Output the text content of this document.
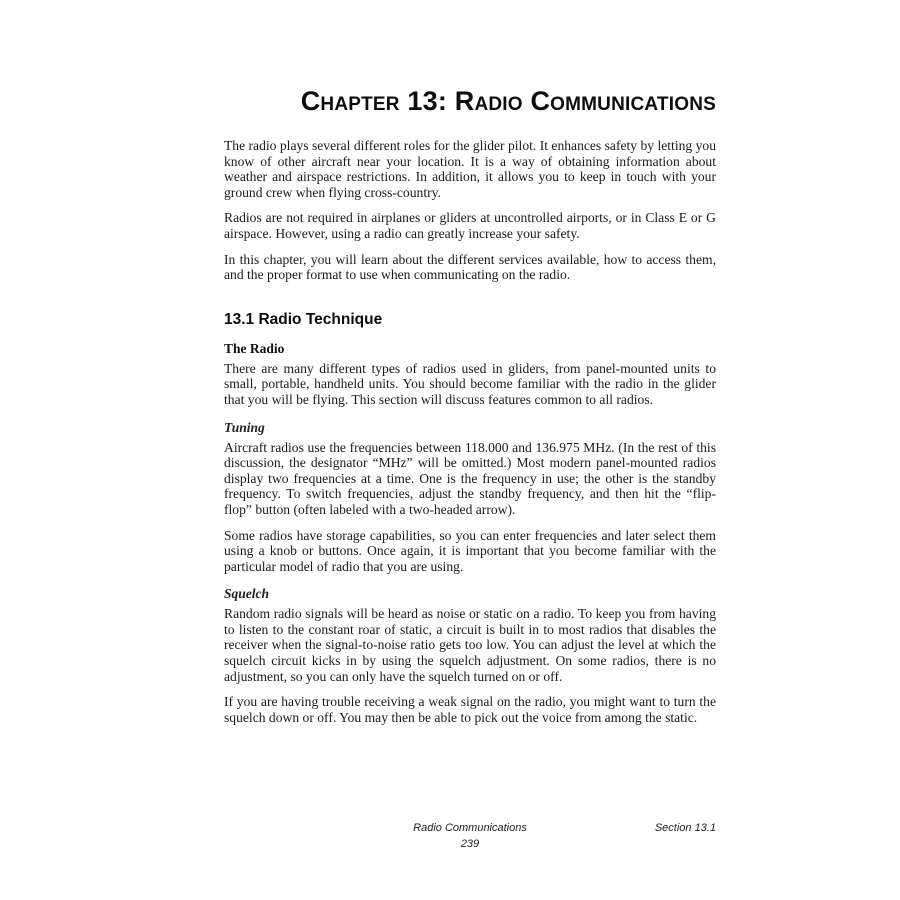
Chapter 13: Radio Communications

The radio plays several different roles for the glider pilot. It enhances safety by letting you know of other aircraft near your location. It is a way of obtaining information about weather and airspace restrictions. In addition, it allows you to keep in touch with your ground crew when flying cross-country.

Radios are not required in airplanes or gliders at uncontrolled airports, or in Class E or G airspace. However, using a radio can greatly increase your safety.

In this chapter, you will learn about the different services available, how to access them, and the proper format to use when communicating on the radio.

13.1 Radio Technique
The Radio

There are many different types of radios used in gliders, from panel-mounted units to small, portable, handheld units. You should become familiar with the radio in the glider that you will be flying. This section will discuss features common to all radios.

Tuning

Aircraft radios use the frequencies between 118.000 and 136.975 MHz. (In the rest of this discussion, the designator “MHz” will be omitted.) Most modern panel-mounted radios display two frequencies at a time. One is the frequency in use; the other is the standby frequency. To switch frequencies, adjust the standby frequency, and then hit the “flip-flop” button (often labeled with a two-headed arrow).

Some radios have storage capabilities, so you can enter frequencies and later select them using a knob or buttons. Once again, it is important that you become familiar with the particular model of radio that you are using.

Squelch

Random radio signals will be heard as noise or static on a radio. To keep you from having to listen to the constant roar of static, a circuit is built in to most radios that disables the receiver when the signal-to-noise ratio gets too low. You can adjust the level at which the squelch circuit kicks in by using the squelch adjustment. On some radios, there is no adjustment, so you can only have the squelch turned on or off.

If you are having trouble receiving a weak signal on the radio, you might want to turn the squelch down or off. You may then be able to pick out the voice from among the static.

Radio Communications	Section 13.1
239
